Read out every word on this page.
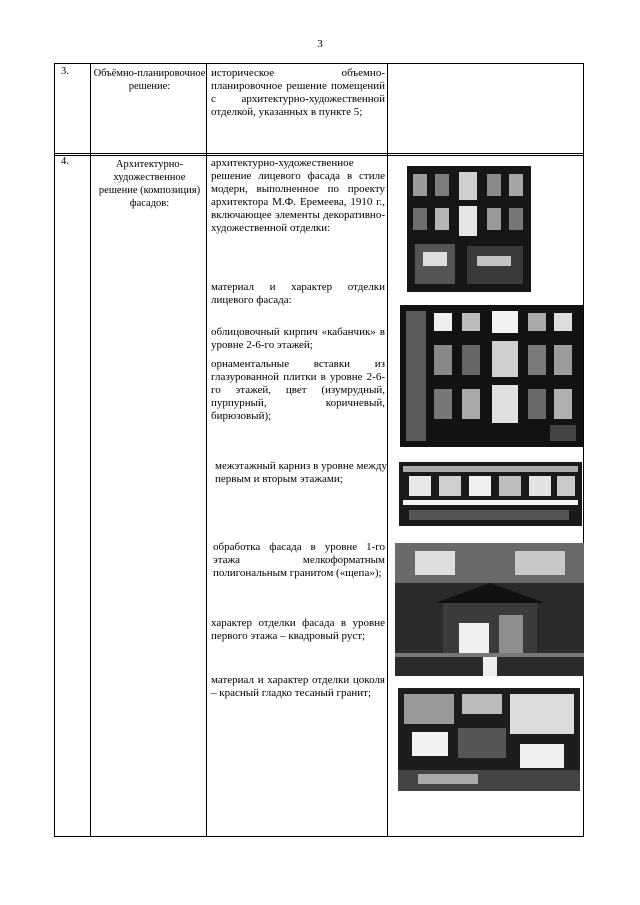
3
3. Объёмно-планировочное решение:
историческое объемно-планировочное решение помещений с архитектурно-художественной отделкой, указанных в пункте 5;
4.	Архитектурно-художественное решение (композиция) фасадов:
архитектурно-художественное решение лицевого фасада в стиле модерн, выполненное по проекту архитектора М.Ф. Еремеева, 1910 г., включающее элементы декоративно- художественной отделки:
материал и характер отделки лицевого фасада:
облицовочный кирпич «кабанчик» в уровне 2-6-го этажей;
орнаментальные вставки из глазурованной плитки в уровне 2-6-го этажей, цвет (изумрудный, пурпурный, коричневый, бирюзовый);
межэтажный карниз в уровне между первым и вторым этажами;
обработка фасада в уровне 1-го этажа мелкоформатным полигональным гранитом («щепа»);
характер отделки фасада в уровне первого этажа – квадровый руст;
материал и характер отделки цоколя – красный гладко тесаный гранит;
